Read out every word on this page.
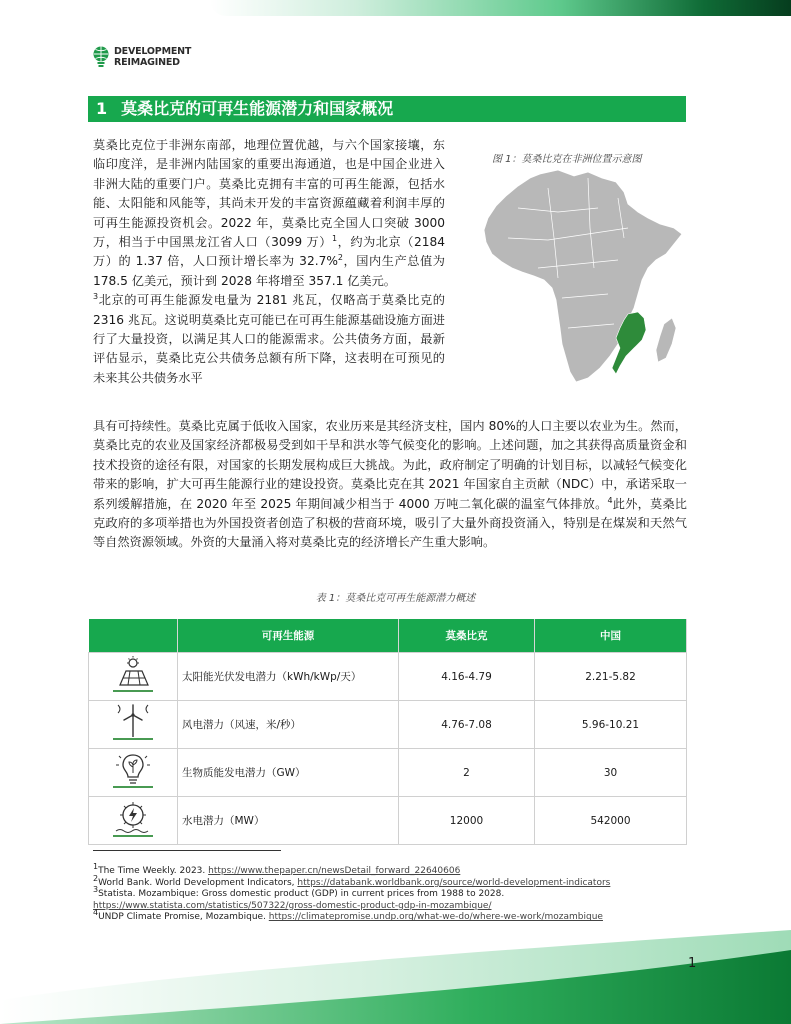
DEVELOPMENT
REIMAGINED
1 莫桑比克的可再生能源潜力和国家概况
莫桑比克位于非洲东南部，地理位置优越，与六个国家接壤，东临印度洋，是非洲内陆国家的重要出海通道，也是中国企业进入非洲大陆的重要门户。莫桑比克拥有丰富的可再生能源，包括水能、太阳能和风能等，其尚未开发的丰富资源蕴藏着利润丰厚的可再生能源投资机会。2022 年，莫桑比克全国人口突破 3000 万，相当于中国黑龙江省人口（3099 万）$^1$，约为北京（2184 万）的 1.37 倍，人口预计增长率为 32.7%$^2$，国内生产总值为 178.5 亿美元，预计到 2028 年将增至 357.1 亿美元。
$^3$北京的可再生能源发电量为 2181 兆瓦，仅略高于莫桑比克的 2316 兆瓦。这说明莫桑比克可能已在可再生能源基础设施方面进行了大量投资，以满足其人口的能源需求。公共债务方面，最新评估显示，莫桑比克公共债务总额有所下降，这表明在可预见的未来其公共债务水平
图 1：莫桑比克在非洲位置示意图
具有可持续性。莫桑比克属于低收入国家，农业历来是其经济支柱，国内 80%的人口主要以农业为生。然而，莫桑比克的农业及国家经济都极易受到如干旱和洪水等气候变化的影响。上述问题，加之其获得高质量资金和技术投资的途径有限，对国家的长期发展构成巨大挑战。为此，政府制定了明确的计划目标，以减轻气候变化带来的影响，扩大可再生能源行业的建设投资。莫桑比克在其 2021 年国家自主贡献（NDC）中，承诺采取一系列缓解措施，在 2020 年至 2025 年期间减少相当于 4000 万吨二氧化碳的温室气体排放。$^4$此外，莫桑比克政府的多项举措也为外国投资者创造了积极的营商环境，吸引了大量外商投资涌入，特别是在煤炭和天然气等自然资源领域。外资的大量涌入将对莫桑比克的经济增长产生重大影响。
表 1：莫桑比克可再生能源潜力概述
	可再生能源	莫桑比克	中国
	太阳能光伏发电潜力（kWh/kWp/天）	4.16-4.79	2.21-5.82
	风电潜力（风速，米/秒）	4.76-7.08	5.96-10.21
	生物质能发电潜力（GW）	2	30
	水电潜力（MW）	12000	542000
$^1$The Time Weekly. 2023. https://www.thepaper.cn/newsDetail_forward_22640606
$^2$World Bank. World Development Indicators, https://databank.worldbank.org/source/world-development-indicators
$^3$Statista. Mozambique: Gross domestic product (GDP) in current prices from 1988 to 2028.
https://www.statista.com/statistics/507322/gross-domestic-product-gdp-in-mozambique/
$^4$UNDP Climate Promise, Mozambique. https://climatepromise.undp.org/what-we-do/where-we-work/mozambique
1
